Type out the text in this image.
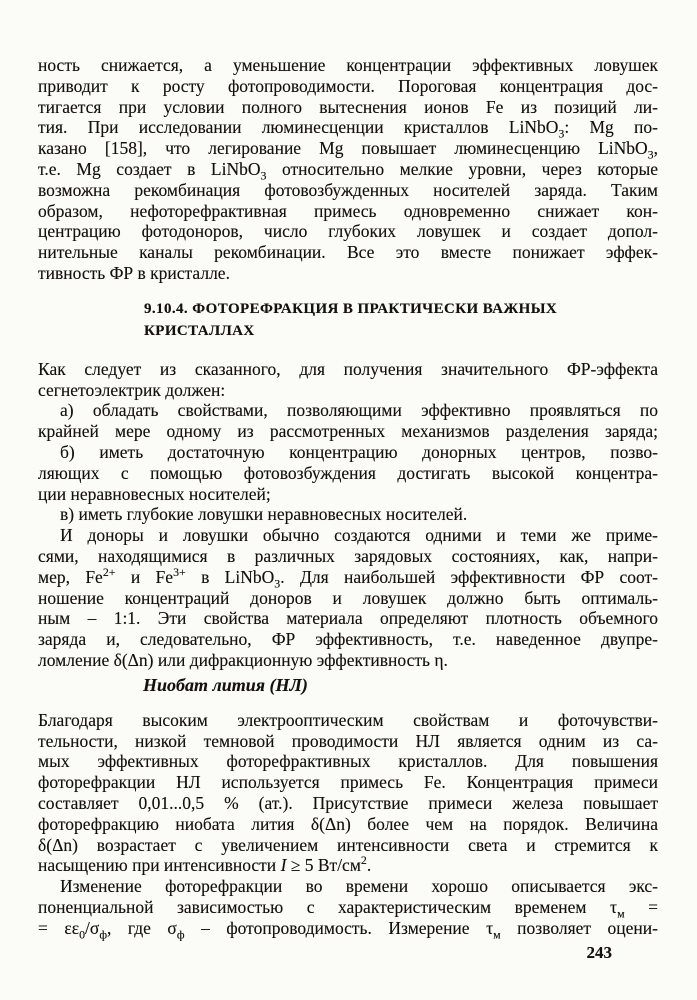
ность снижается, а уменьшение концентрации эффективных ловушек
приводит к росту фотопроводимости. Пороговая концентрация дос-
тигается при условии полного вытеснения ионов Fe из позиций ли-
тия. При исследовании люминесценции кристаллов LiNbO$_3$: Mg по-
казано [158], что легирование Mg повышает люминесценцию LiNbO$_3$,
т.е. Mg создает в LiNbO$_3$ относительно мелкие уровни, через которые
возможна рекомбинация фотовозбужденных носителей заряда. Таким
образом, нефоторефрактивная примесь одновременно снижает кон-
центрацию фотодоноров, число глубоких ловушек и создает допол-
нительные каналы рекомбинации. Все это вместе понижает эффек-
тивность ФР в кристалле.
9.10.4. ФОТОРЕФРАКЦИЯ В ПРАКТИЧЕСКИ ВАЖНЫХ
КРИСТАЛЛАХ
Как следует из сказанного, для получения значительного ФР-эффекта
сегнетоэлектрик должен:
а) обладать свойствами, позволяющими эффективно проявляться по
крайней мере одному из рассмотренных механизмов разделения заряда;
б) иметь достаточную концентрацию донорных центров, позво-
ляющих с помощью фотовозбуждения достигать высокой концентра-
ции неравновесных носителей;
в) иметь глубокие ловушки неравновесных носителей.
И доноры и ловушки обычно создаются одними и теми же приме-
сями, находящимися в различных зарядовых состояниях, как, напри-
мер, $Fe^{2+}$ и $Fe^{3+}$ в LiNbO$_3$. Для наибольшей эффективности ФР соот-
ношение концентраций доноров и ловушек должно быть оптималь-
ным – 1:1. Эти свойства материала определяют плотность объемного
заряда и, следовательно, ФР эффективность, т.е. наведенное двупре-
ломление δ(Δn) или дифракционную эффективность η.
Ниобат лития (НЛ)
Благодаря высоким электрооптическим свойствам и фоточувстви-
тельности, низкой темновой проводимости НЛ является одним из са-
мых эффективных фоторефрактивных кристаллов. Для повышения
фоторефракции НЛ используется примесь Fe. Концентрация примеси
составляет 0,01...0,5 % (ат.). Присутствие примеси железа повышает
фоторефракцию ниобата лития δ(Δn) более чем на порядок. Величина
δ(Δn) возрастает с увеличением интенсивности света и стремится к
насыщению при интенсивности I ≥ 5 $Вт/см^2$.
Изменение фоторефракции во времени хорошо описывается экс-
поненциальной зависимостью с характеристическим временем $\tau_м$ =
= $\varepsilon\varepsilon_0/\sigma_ф$, где $\sigma_ф$ – фотопроводимость. Измерение $\tau_м$ позволяет оцени-
243
